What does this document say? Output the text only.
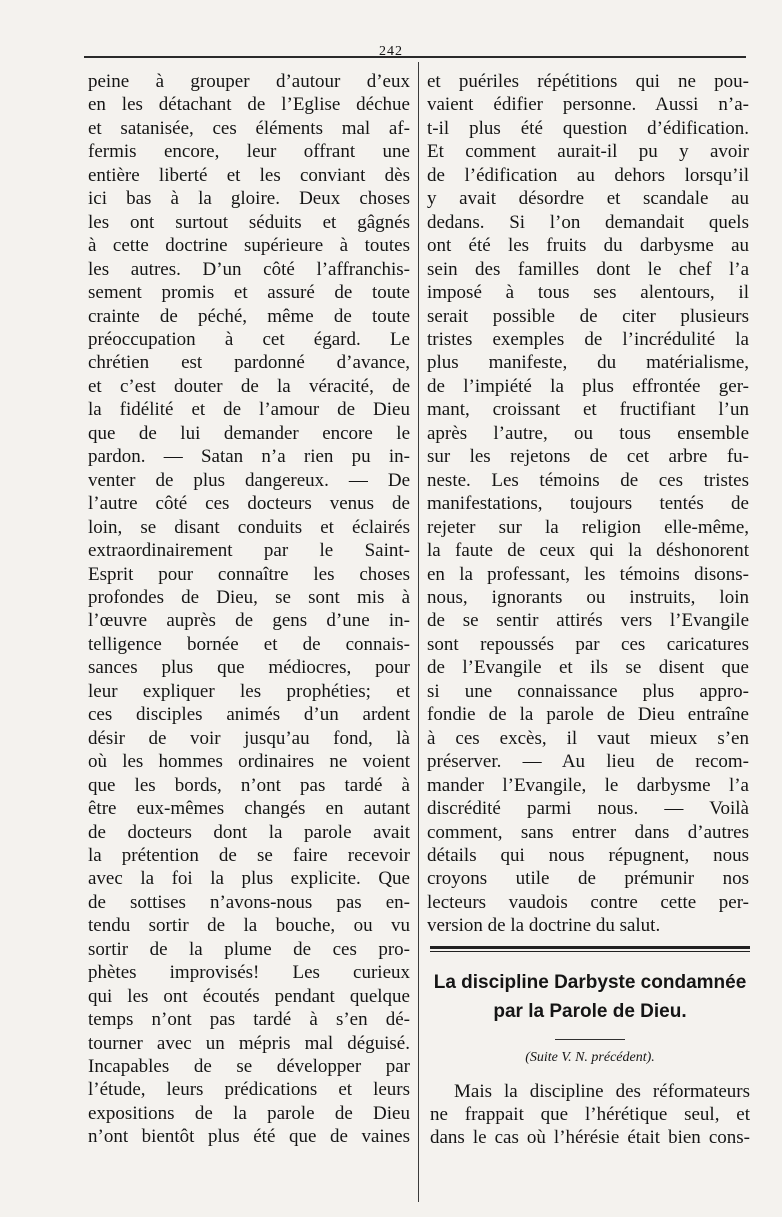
242
peine à grouper d’autour d’eux
en les détachant de l’Eglise déchue
et satanisée, ces éléments mal af-
fermis encore, leur offrant une
entière liberté et les conviant dès
ici bas à la gloire. Deux choses
les ont surtout séduits et gâgnés
à cette doctrine supérieure à toutes
les autres. D’un côté l’affranchis-
sement promis et assuré de toute
crainte de péché, même de toute
préoccupation à cet égard. Le
chrétien est pardonné d’avance,
et c’est douter de la véracité, de
la fidélité et de l’amour de Dieu
que de lui demander encore le
pardon. — Satan n’a rien pu in-
venter de plus dangereux. — De
l’autre côté ces docteurs venus de
loin, se disant conduits et éclairés
extraordinairement par le Saint-
Esprit pour connaître les choses
profondes de Dieu, se sont mis à
l’œuvre auprès de gens d’une in-
telligence bornée et de connais-
sances plus que médiocres, pour
leur expliquer les prophéties; et
ces disciples animés d’un ardent
désir de voir jusqu’au fond, là
où les hommes ordinaires ne voient
que les bords, n’ont pas tardé à
être eux-mêmes changés en autant
de docteurs dont la parole avait
la prétention de se faire recevoir
avec la foi la plus explicite. Que
de sottises n’avons-nous pas en-
tendu sortir de la bouche, ou vu
sortir de la plume de ces pro-
phètes improvisés! Les curieux
qui les ont écoutés pendant quelque
temps n’ont pas tardé à s’en dé-
tourner avec un mépris mal déguisé.
Incapables de se développer par
l’étude, leurs prédications et leurs
expositions de la parole de Dieu
n’ont bientôt plus été que de vaines
et puériles répétitions qui ne pou-
vaient édifier personne. Aussi n’a-
t-il plus été question d’édification.
Et comment aurait-il pu y avoir
de l’édification au dehors lorsqu’il
y avait désordre et scandale au
dedans. Si l’on demandait quels
ont été les fruits du darbysme au
sein des familles dont le chef l’a
imposé à tous ses alentours, il
serait possible de citer plusieurs
tristes exemples de l’incrédulité la
plus manifeste, du matérialisme,
de l’impiété la plus effrontée ger-
mant, croissant et fructifiant l’un
après l’autre, ou tous ensemble
sur les rejetons de cet arbre fu-
neste. Les témoins de ces tristes
manifestations, toujours tentés de
rejeter sur la religion elle-même,
la faute de ceux qui la déshonorent
en la professant, les témoins disons-
nous, ignorants ou instruits, loin
de se sentir attirés vers l’Evangile
sont repoussés par ces caricatures
de l’Evangile et ils se disent que
si une connaissance plus appro-
fondie de la parole de Dieu entraîne
à ces excès, il vaut mieux s’en
préserver. — Au lieu de recom-
mander l’Evangile, le darbysme l’a
discrédité parmi nous. — Voilà
comment, sans entrer dans d’autres
détails qui nous répugnent, nous
croyons utile de prémunir nos
lecteurs vaudois contre cette per-
version de la doctrine du salut.
La discipline Darbyste condamnée
par la Parole de Dieu.
(Suite V. N. précédent).
Mais la discipline des réformateurs
ne frappait que l’hérétique seul, et
dans le cas où l’hérésie était bien cons-
